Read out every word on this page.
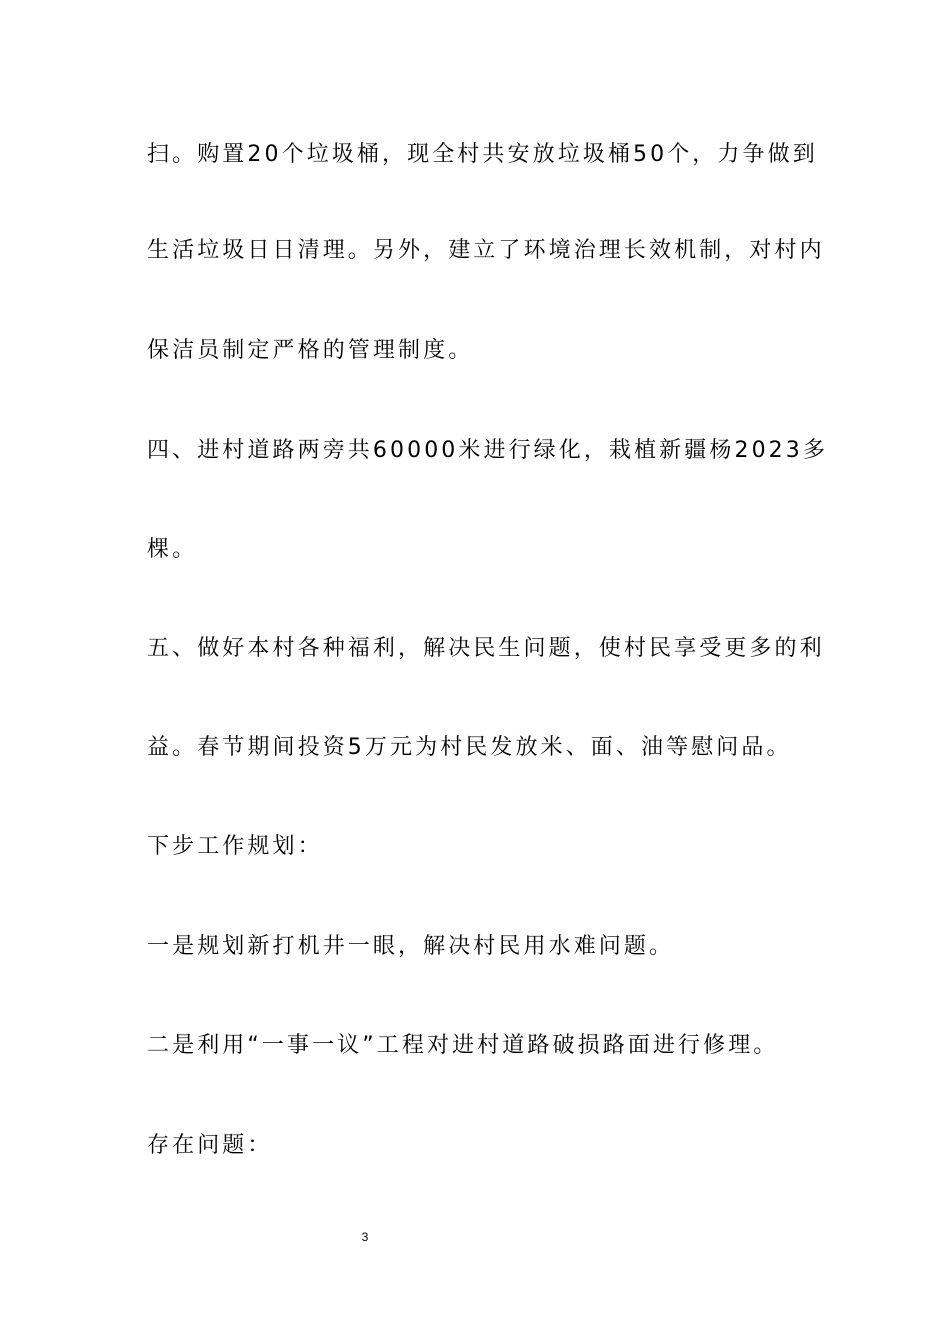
扫。购置20个垃圾桶，现全村共安放垃圾桶50个，力争做到

生活垃圾日日清理。另外，建立了环境治理长效机制，对村内

保洁员制定严格的管理制度。

四、进村道路两旁共60000米进行绿化，栽植新疆杨2023多

棵。

五、做好本村各种福利，解决民生问题，使村民享受更多的利

益。春节期间投资5万元为村民发放米、面、油等慰问品。

下步工作规划：

一是规划新打机井一眼，解决村民用水难问题。

二是利用“一事一议”工程对进村道路破损路面进行修理。

存在问题：

3
